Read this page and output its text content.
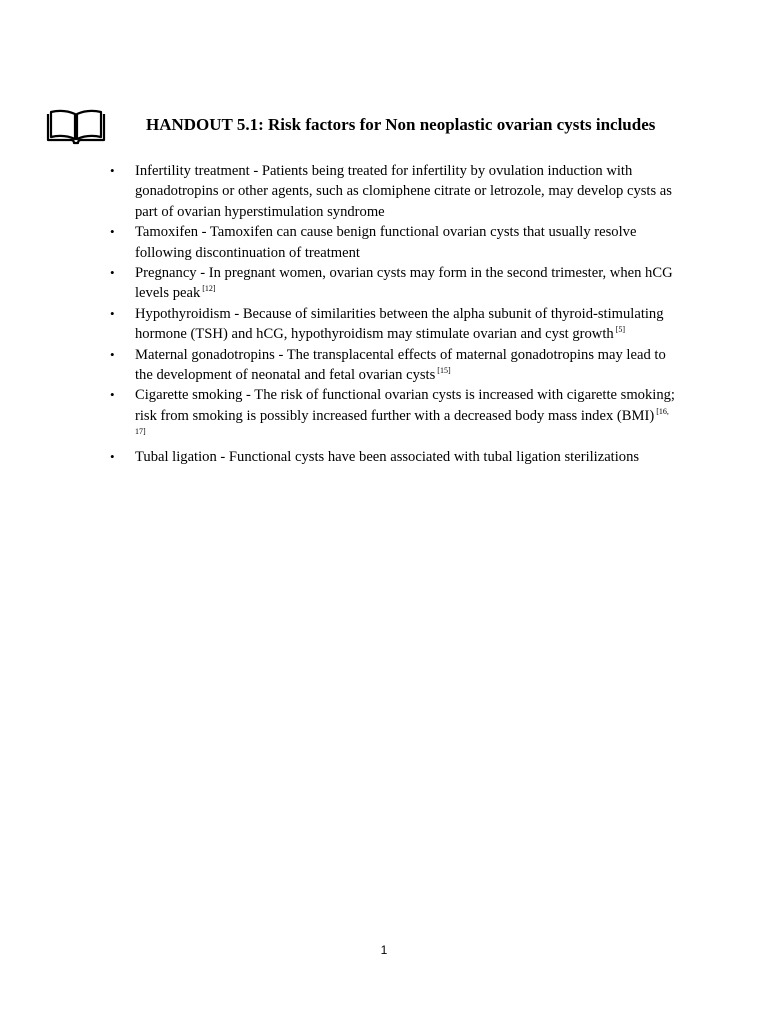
HANDOUT 5.1: Risk factors for Non neoplastic ovarian cysts includes
•	Infertility treatment - Patients being treated for infertility by ovulation induction with gonadotropins or other agents, such as clomiphene citrate or letrozole, may develop cysts as part of ovarian hyperstimulation syndrome
•	Tamoxifen - Tamoxifen can cause benign functional ovarian cysts that usually resolve following discontinuation of treatment
•	Pregnancy - In pregnant women, ovarian cysts may form in the second trimester, when hCG levels peak [12]
•	Hypothyroidism - Because of similarities between the alpha subunit of thyroid-stimulating hormone (TSH) and hCG, hypothyroidism may stimulate ovarian and cyst growth [5]
•	Maternal gonadotropins - The transplacental effects of maternal gonadotropins may lead to the development of neonatal and fetal ovarian cysts [15]
•	Cigarette smoking - The risk of functional ovarian cysts is increased with cigarette smoking; risk from smoking is possibly increased further with a decreased body mass index (BMI) [16, 17]
•	Tubal ligation - Functional cysts have been associated with tubal ligation sterilizations
1
